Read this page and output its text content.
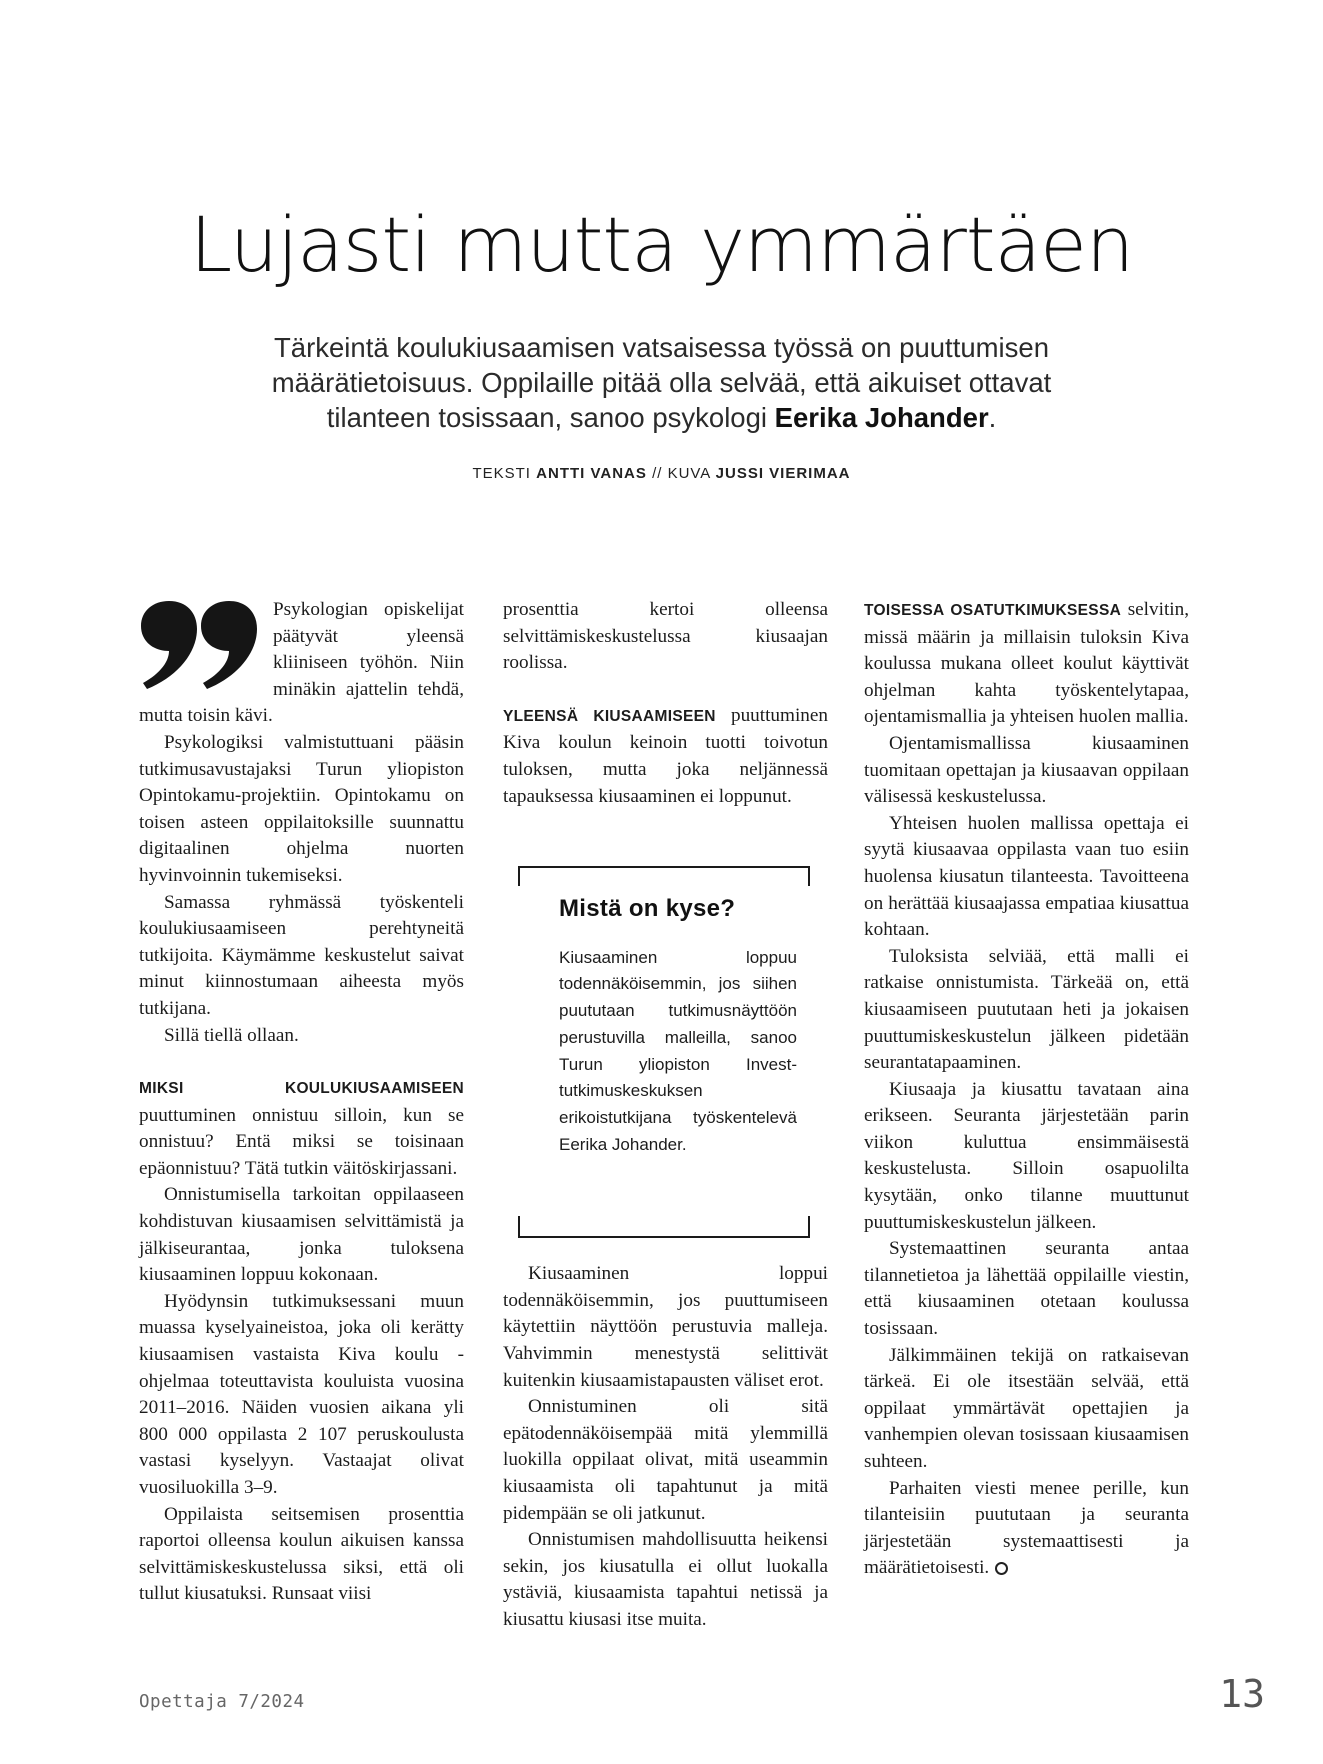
Lujasti mutta ymmärtäen
Tärkeintä koulukiusaamisen vatsaisessa työssä on puuttumisen määrätietoisuus. Oppilaille pitää olla selvää, että aikuiset ottavat tilanteen tosissaan, sanoo psykologi Eerika Johander.
TEKSTI ANTTI VANAS // KUVA JUSSI VIERIMAA

Psykologian opiskelijat päätyvät yleensä kliiniseen työhön. Niin minäkin ajattelin tehdä, mutta toisin kävi.

Psykologiksi valmistuttuani pääsin tutkimusavustajaksi Turun yliopiston Opintokamu-projektiin. Opintokamu on toisen asteen oppilaitoksille suunnattu digitaalinen ohjelma nuorten hyvinvoinnin tukemiseksi.

Samassa ryhmässä työskenteli koulukiusaamiseen perehtyneitä tutkijoita. Käymämme keskustelut saivat minut kiinnostumaan aiheesta myös tutkijana.

Sillä tiellä ollaan.

MIKSI KOULUKIUSAAMISEEN puuttuminen onnistuu silloin, kun se onnistuu? Entä miksi se toisinaan epäonnistuu? Tätä tutkin väitöskirjassani.

Onnistumisella tarkoitan oppilaaseen kohdistuvan kiusaamisen selvittämistä ja jälkiseurantaa, jonka tuloksena kiusaaminen loppuu kokonaan.

Hyödynsin tutkimuksessani muun muassa kyselyaineistoa, joka oli kerätty kiusaamisen vastaista Kiva koulu -ohjelmaa toteuttavista kouluista vuosina 2011–2016. Näiden vuosien aikana yli 800 000 oppilasta 2 107 peruskoulusta vastasi kyselyyn. Vastaajat olivat vuosiluokilla 3–9.

Oppilaista seitsemisen prosenttia raportoi olleensa koulun aikuisen kanssa selvittämiskeskustelussa siksi, että oli tullut kiusatuksi. Runsaat viisi

prosenttia kertoi olleensa selvittämiskeskustelussa kiusaajan roolissa.

YLEENSÄ KIUSAAMISEEN puuttuminen Kiva koulun keinoin tuotti toivotun tuloksen, mutta joka neljännessä tapauksessa kiusaaminen ei loppunut.

Mistä on kyse?
Kiusaaminen loppuu todennäköisemmin, jos siihen puututaan tutkimusnäyttöön perustuvilla malleilla, sanoo Turun yliopiston Invest-tutkimuskeskuksen erikoistutkijana työskentelevä Eerika Johander.

Kiusaaminen loppui todennäköisemmin, jos puuttumiseen käytettiin näyttöön perustuvia malleja. Vahvimmin menestystä selittivät kuitenkin kiusaamistapausten väliset erot.

Onnistuminen oli sitä epätodennäköisempää mitä ylemmillä luokilla oppilaat olivat, mitä useammin kiusaamista oli tapahtunut ja mitä pidempään se oli jatkunut.

Onnistumisen mahdollisuutta heikensi sekin, jos kiusatulla ei ollut luokalla ystäviä, kiusaamista tapahtui netissä ja kiusattu kiusasi itse muita.

TOISESSA OSATUTKIMUKSESSA selvitin, missä määrin ja millaisin tuloksin Kiva koulussa mukana olleet koulut käyttivät ohjelman kahta työskentelytapaa, ojentamismallia ja yhteisen huolen mallia.

Ojentamismallissa kiusaaminen tuomitaan opettajan ja kiusaavan oppilaan välisessä keskustelussa.

Yhteisen huolen mallissa opettaja ei syytä kiusaavaa oppilasta vaan tuo esiin huolensa kiusatun tilanteesta. Tavoitteena on herättää kiusaajassa empatiaa kiusattua kohtaan.

Tuloksista selviää, että malli ei ratkaise onnistumista. Tärkeää on, että kiusaamiseen puututaan heti ja jokaisen puuttumiskeskustelun jälkeen pidetään seurantatapaaminen.

Kiusaaja ja kiusattu tavataan aina erikseen. Seuranta järjestetään parin viikon kuluttua ensimmäisestä keskustelusta. Silloin osapuolilta kysytään, onko tilanne muuttunut puuttumiskeskustelun jälkeen.

Systemaattinen seuranta antaa tilannetietoa ja lähettää oppilaille viestin, että kiusaaminen otetaan koulussa tosissaan.

Jälkimmäinen tekijä on ratkaisevan tärkeä. Ei ole itsestään selvää, että oppilaat ymmärtävät opettajien ja vanhempien olevan tosissaan kiusaamisen suhteen.

Parhaiten viesti menee perille, kun tilanteisiin puututaan ja seuranta järjestetään systemaattisesti ja määrätietoisesti.

Opettaja 7/2024	13
